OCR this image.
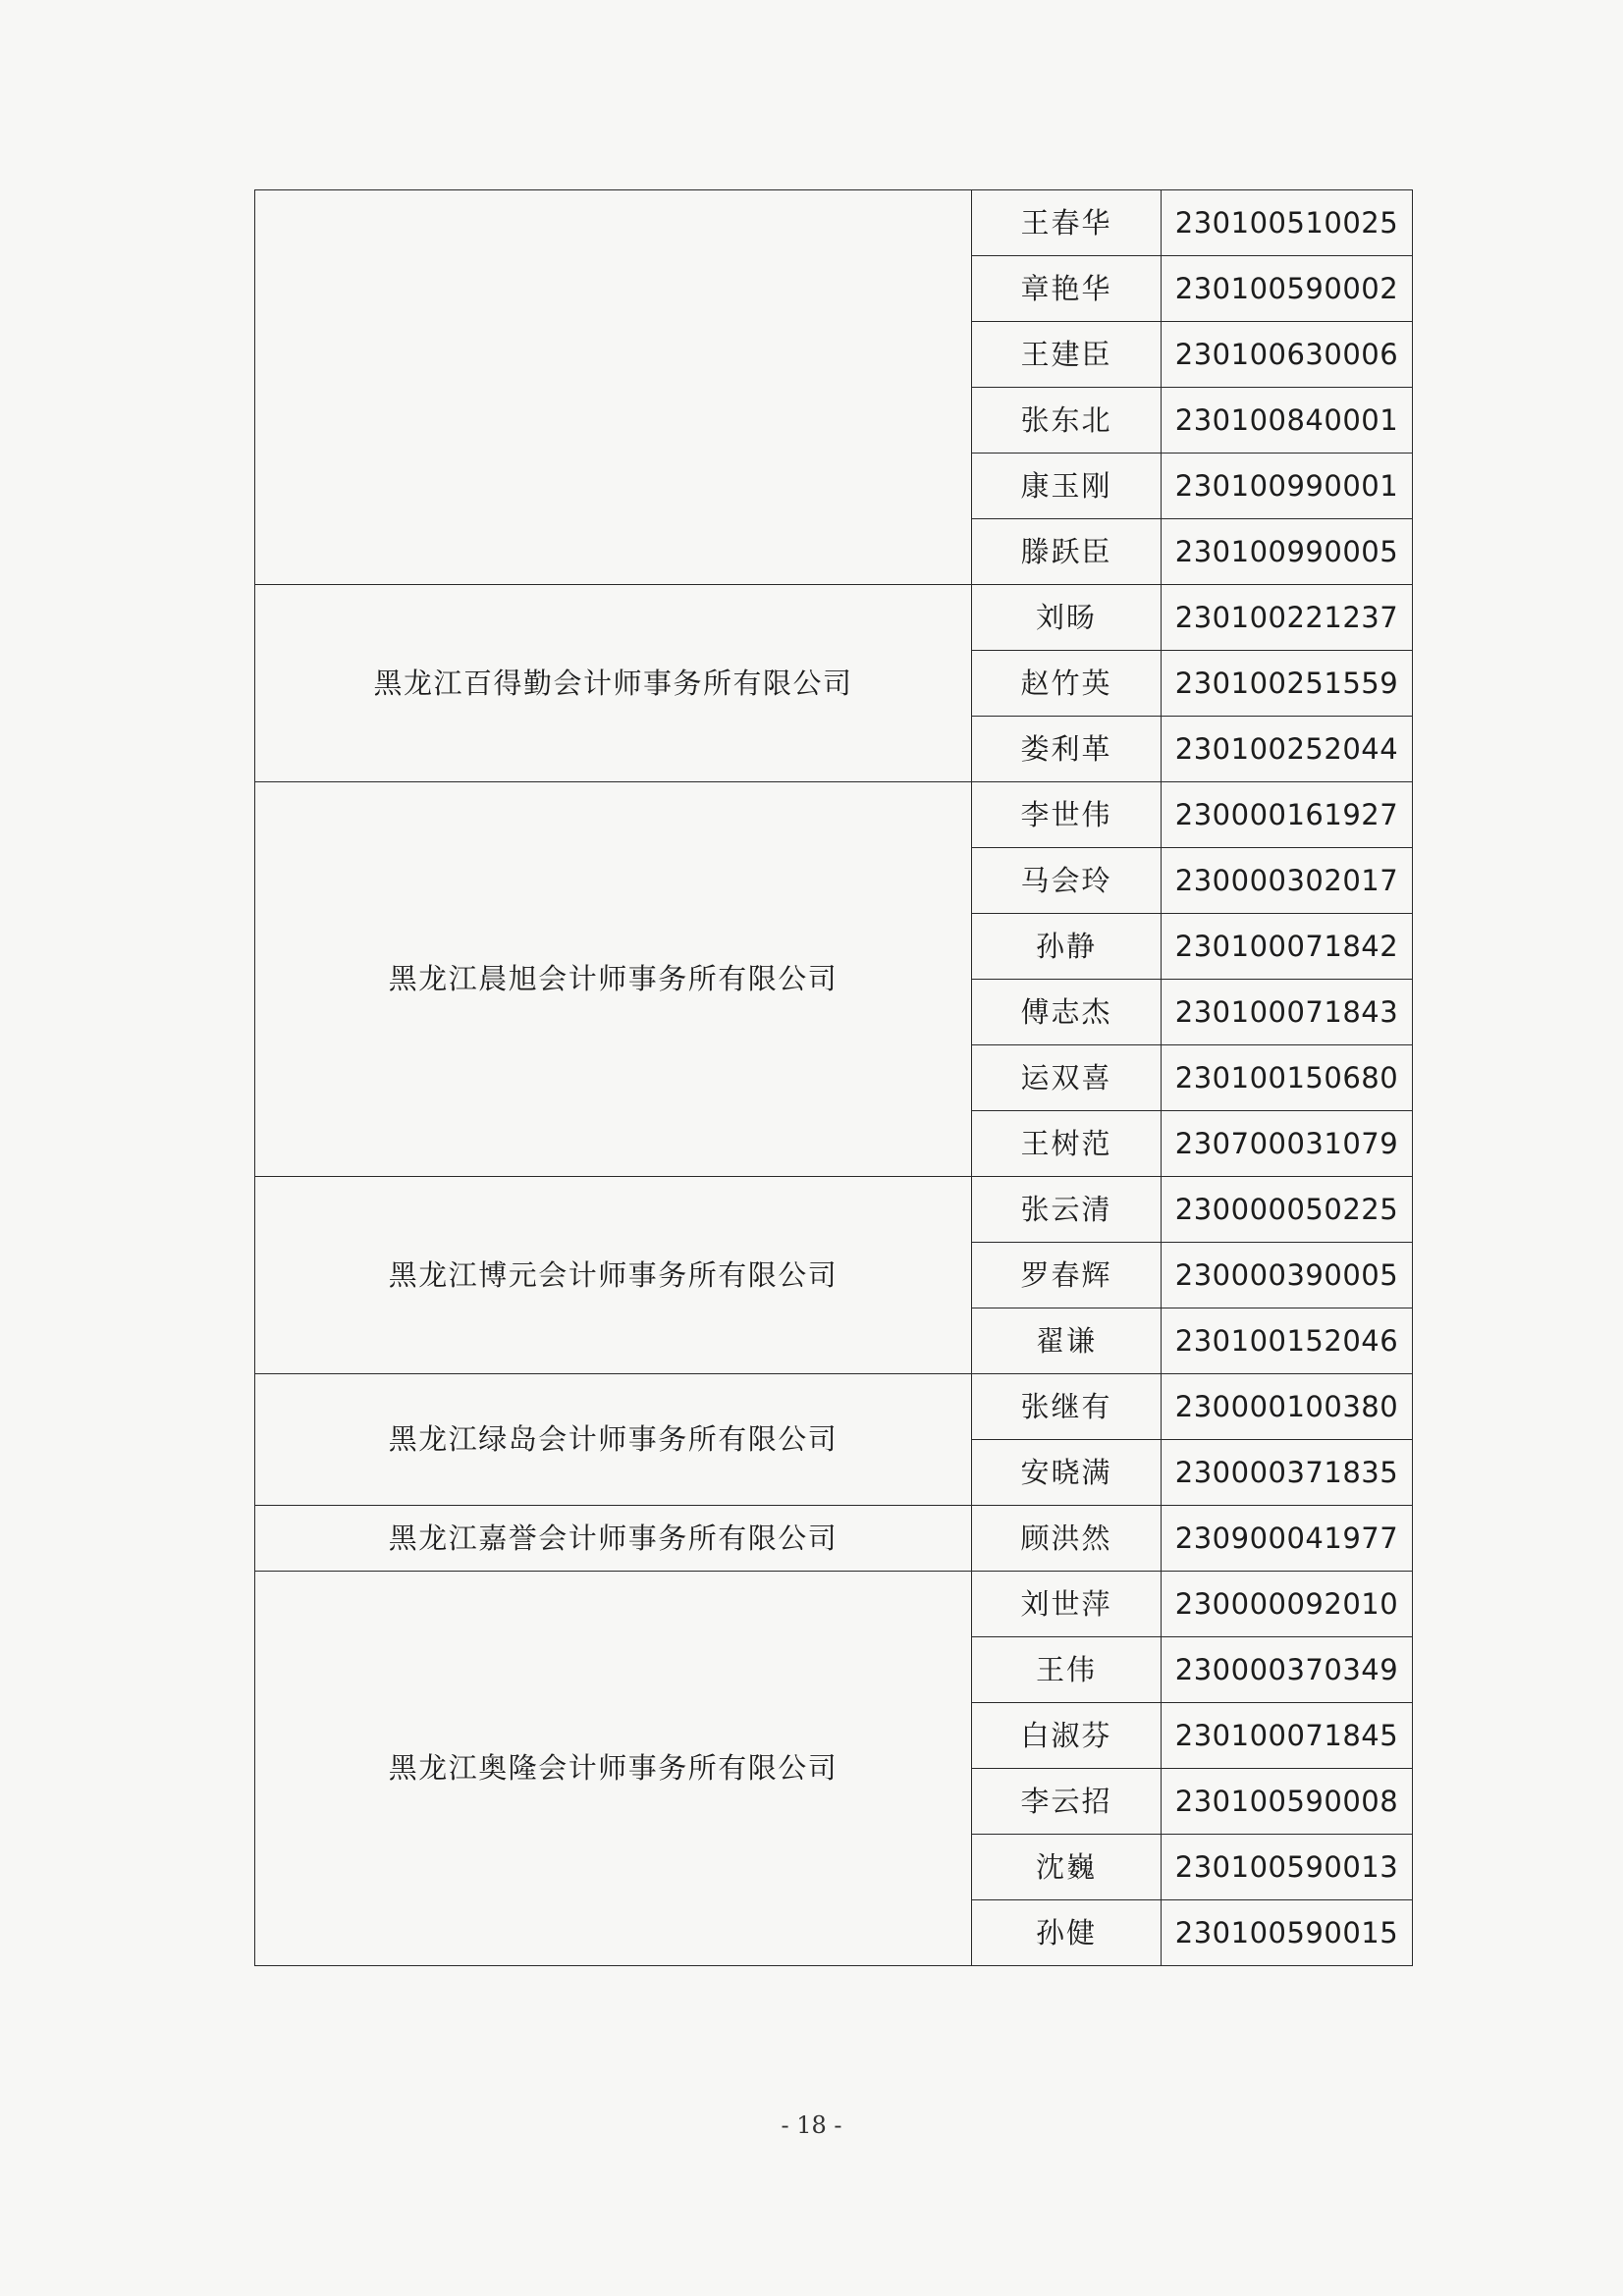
	王春华	230100510025
	章艳华	230100590002
	王建臣	230100630006
	张东北	230100840001
	康玉刚	230100990001
	滕跃臣	230100990005
黑龙江百得勤会计师事务所有限公司	刘旸	230100221237
	赵竹英	230100251559
	娄利革	230100252044
黑龙江晨旭会计师事务所有限公司	李世伟	230000161927
	马会玲	230000302017
	孙静	230100071842
	傅志杰	230100071843
	运双喜	230100150680
	王树范	230700031079
黑龙江博元会计师事务所有限公司	张云清	230000050225
	罗春辉	230000390005
	翟谦	230100152046
黑龙江绿岛会计师事务所有限公司	张继有	230000100380
	安晓满	230000371835
黑龙江嘉誉会计师事务所有限公司	顾洪然	230900041977
黑龙江奥隆会计师事务所有限公司	刘世萍	230000092010
	王伟	230000370349
	白淑芬	230100071845
	李云招	230100590008
	沈巍	230100590013
	孙健	230100590015
- 18 -
